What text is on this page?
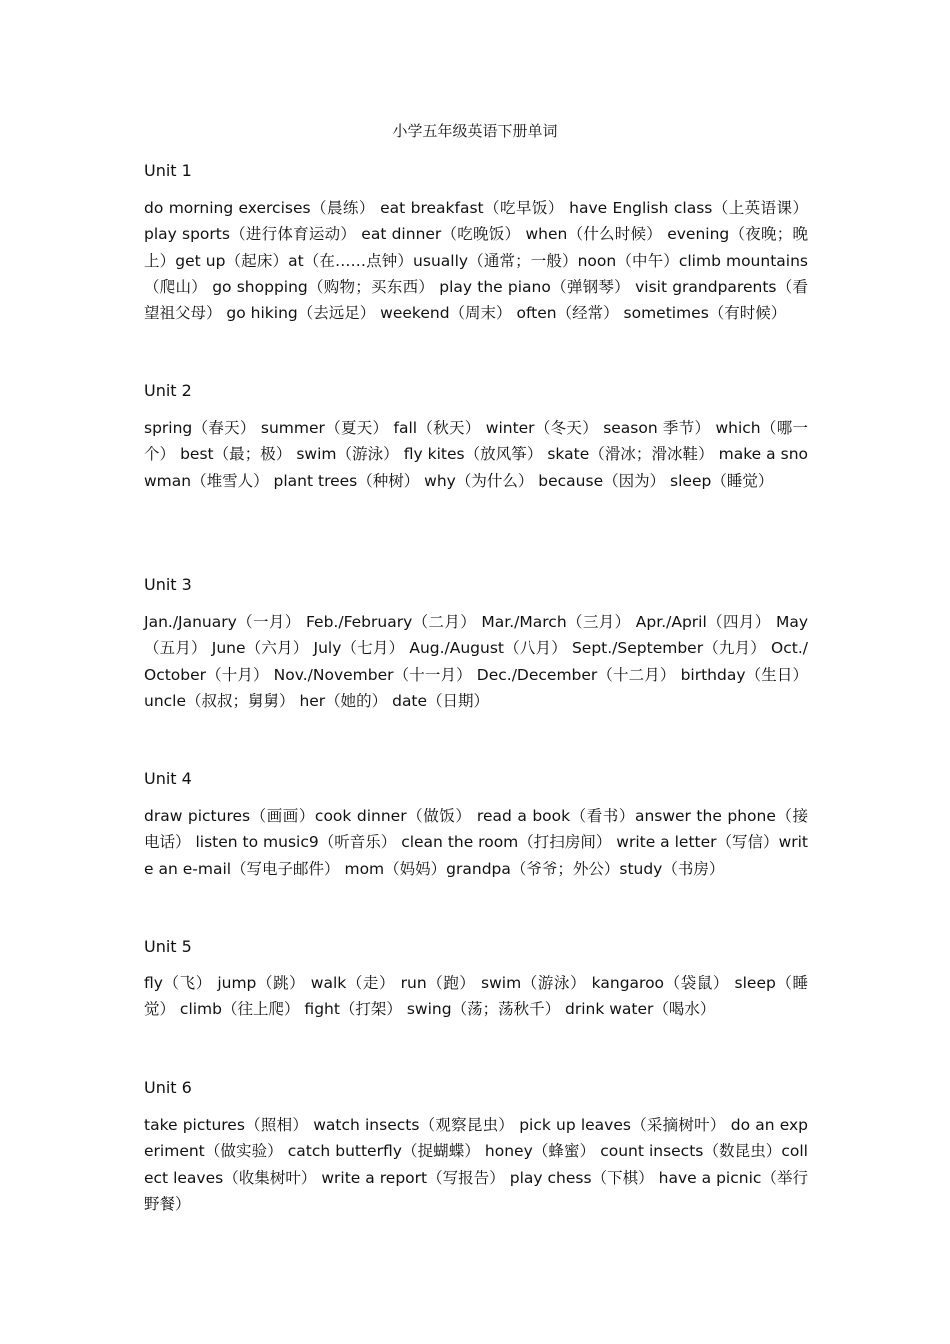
小学五年级英语下册单词
Unit 1

do morning exercises（晨练） eat breakfast（吃早饭） have English class（上英语课） play sports（进行体育运动） eat dinner（吃晚饭） when（什么时候） evening（夜晚；晚上）get up（起床）at（在……点钟）usually（通常；一般）noon（中午）climb mountains（爬山） go shopping（购物；买东西） play the piano（弹钢琴） visit grandparents（看望祖父母） go hiking（去远足） weekend（周末） often（经常） sometimes（有时候）

Unit 2

spring（春天） summer（夏天） fall（秋天） winter（冬天） season 季节） which（哪一个） best（最；极） swim（游泳） fly kites（放风筝） skate（滑冰；滑冰鞋） make a snowman（堆雪人） plant trees（种树） why（为什么） because（因为） sleep（睡觉）

Unit 3

Jan./January（一月） Feb./February（二月） Mar./March（三月） Apr./April（四月） May（五月） June（六月） July（七月） Aug./August（八月） Sept./September（九月） Oct./October（十月） Nov./November（十一月） Dec./December（十二月） birthday（生日） uncle（叔叔；舅舅） her（她的） date（日期）

Unit 4

draw pictures（画画）cook dinner（做饭） read a book（看书）answer the phone（接电话） listen to music9（听音乐） clean the room（打扫房间） write a letter（写信）write an e-mail（写电子邮件） mom（妈妈）grandpa（爷爷；外公）study（书房）

Unit 5

fly（飞） jump（跳） walk（走） run（跑） swim（游泳） kangaroo（袋鼠） sleep（睡觉） climb（往上爬） fight（打架） swing（荡；荡秋千） drink water（喝水）

Unit 6

take pictures（照相） watch insects（观察昆虫） pick up leaves（采摘树叶） do an experiment（做实验） catch butterfly（捉蝴蝶） honey（蜂蜜） count insects（数昆虫）collect leaves（收集树叶） write a report（写报告） play chess（下棋） have a picnic（举行野餐）
